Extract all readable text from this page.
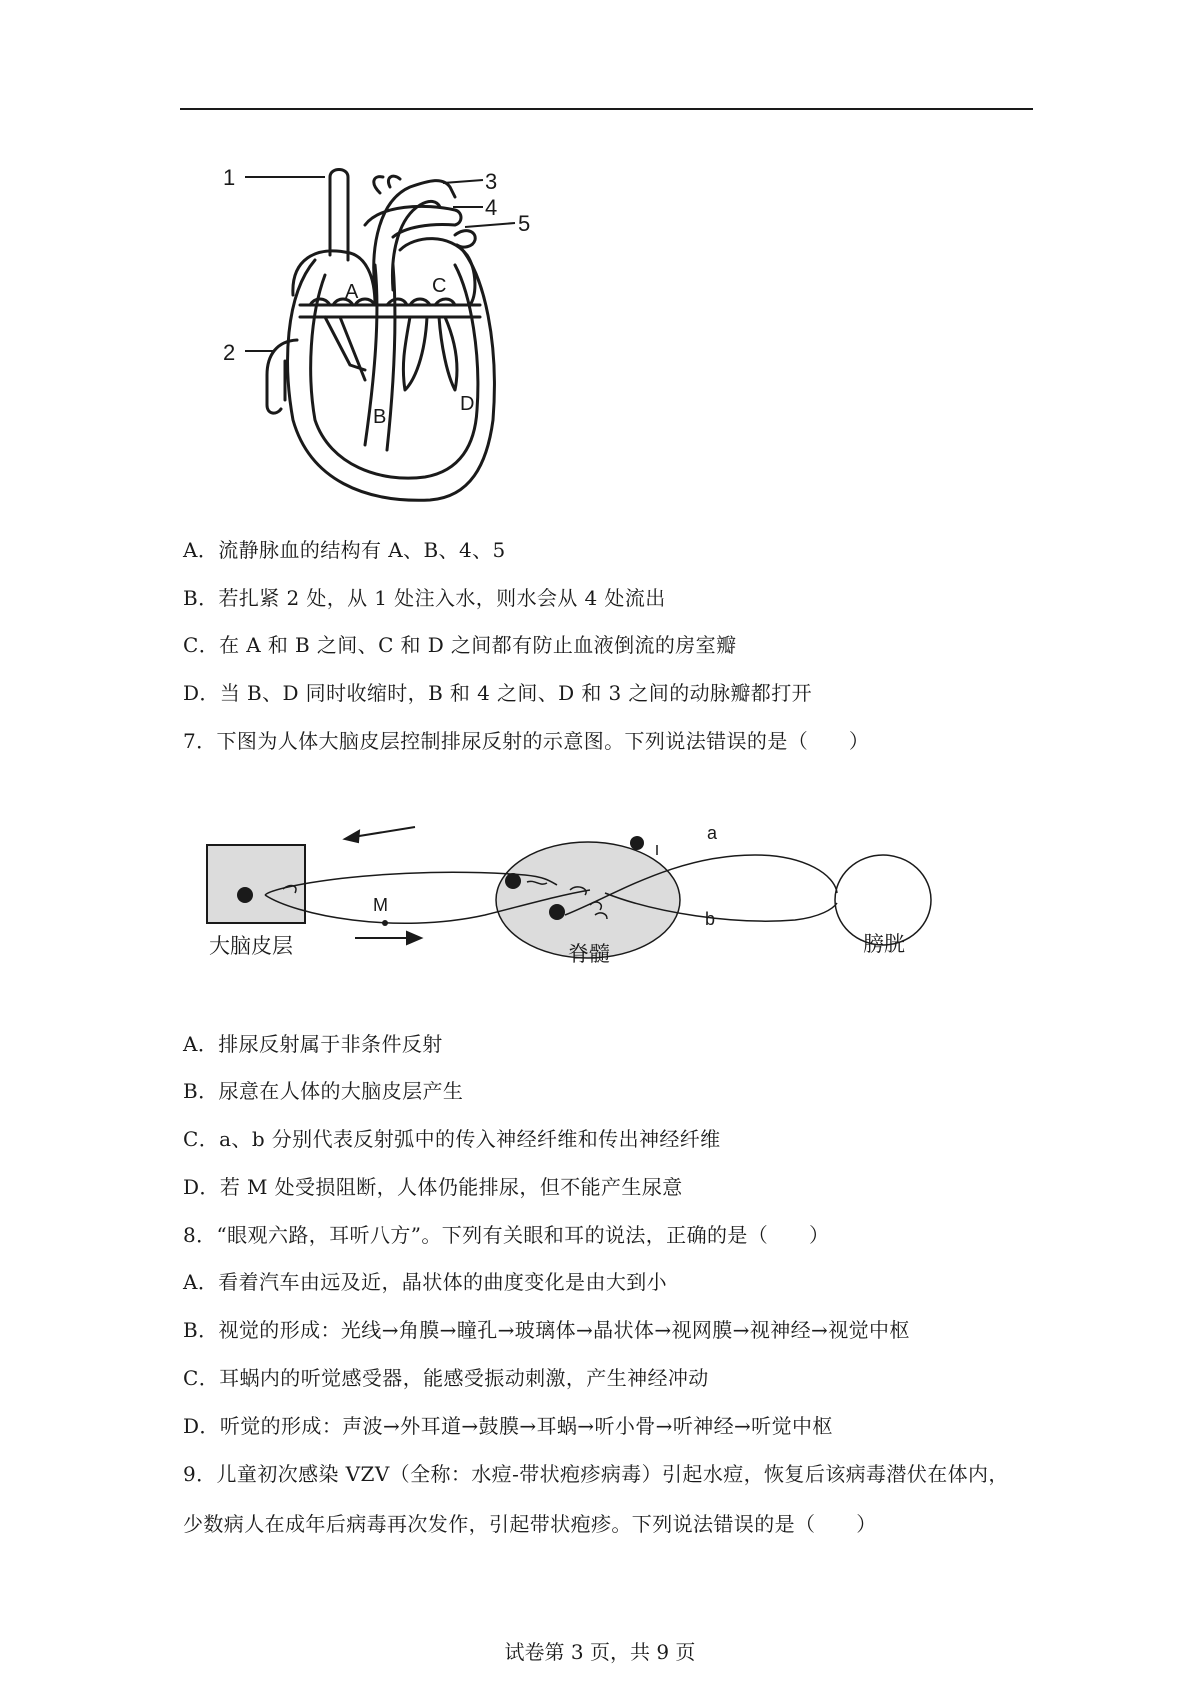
1
2
3
4
5
A
B
C
D
A．流静脉血的结构有 A、B、4、5
B．若扎紧 2 处，从 1 处注入水，则水会从 4 处流出
C．在 A 和 B 之间、C 和 D 之间都有防止血液倒流的房室瓣
D．当 B、D 同时收缩时，B 和 4 之间、D 和 3 之间的动脉瓣都打开
7．下图为人体大脑皮层控制排尿反射的示意图。下列说法错误的是（　　）
M
a
b
大脑皮层	脊髓	膀胱
A．排尿反射属于非条件反射
B．尿意在人体的大脑皮层产生
C．a、b 分别代表反射弧中的传入神经纤维和传出神经纤维
D．若 M 处受损阻断，人体仍能排尿，但不能产生尿意
8．“眼观六路，耳听八方”。下列有关眼和耳的说法，正确的是（　　）
A．看着汽车由远及近，晶状体的曲度变化是由大到小
B．视觉的形成：光线→角膜→瞳孔→玻璃体→晶状体→视网膜→视神经→视觉中枢
C．耳蜗内的听觉感受器，能感受振动刺激，产生神经冲动
D．听觉的形成：声波→外耳道→鼓膜→耳蜗→听小骨→听神经→听觉中枢
9．儿童初次感染 VZV（全称：水痘-带状疱疹病毒）引起水痘，恢复后该病毒潜伏在体内，
少数病人在成年后病毒再次发作，引起带状疱疹。下列说法错误的是（　　）
试卷第 3 页，共 9 页
